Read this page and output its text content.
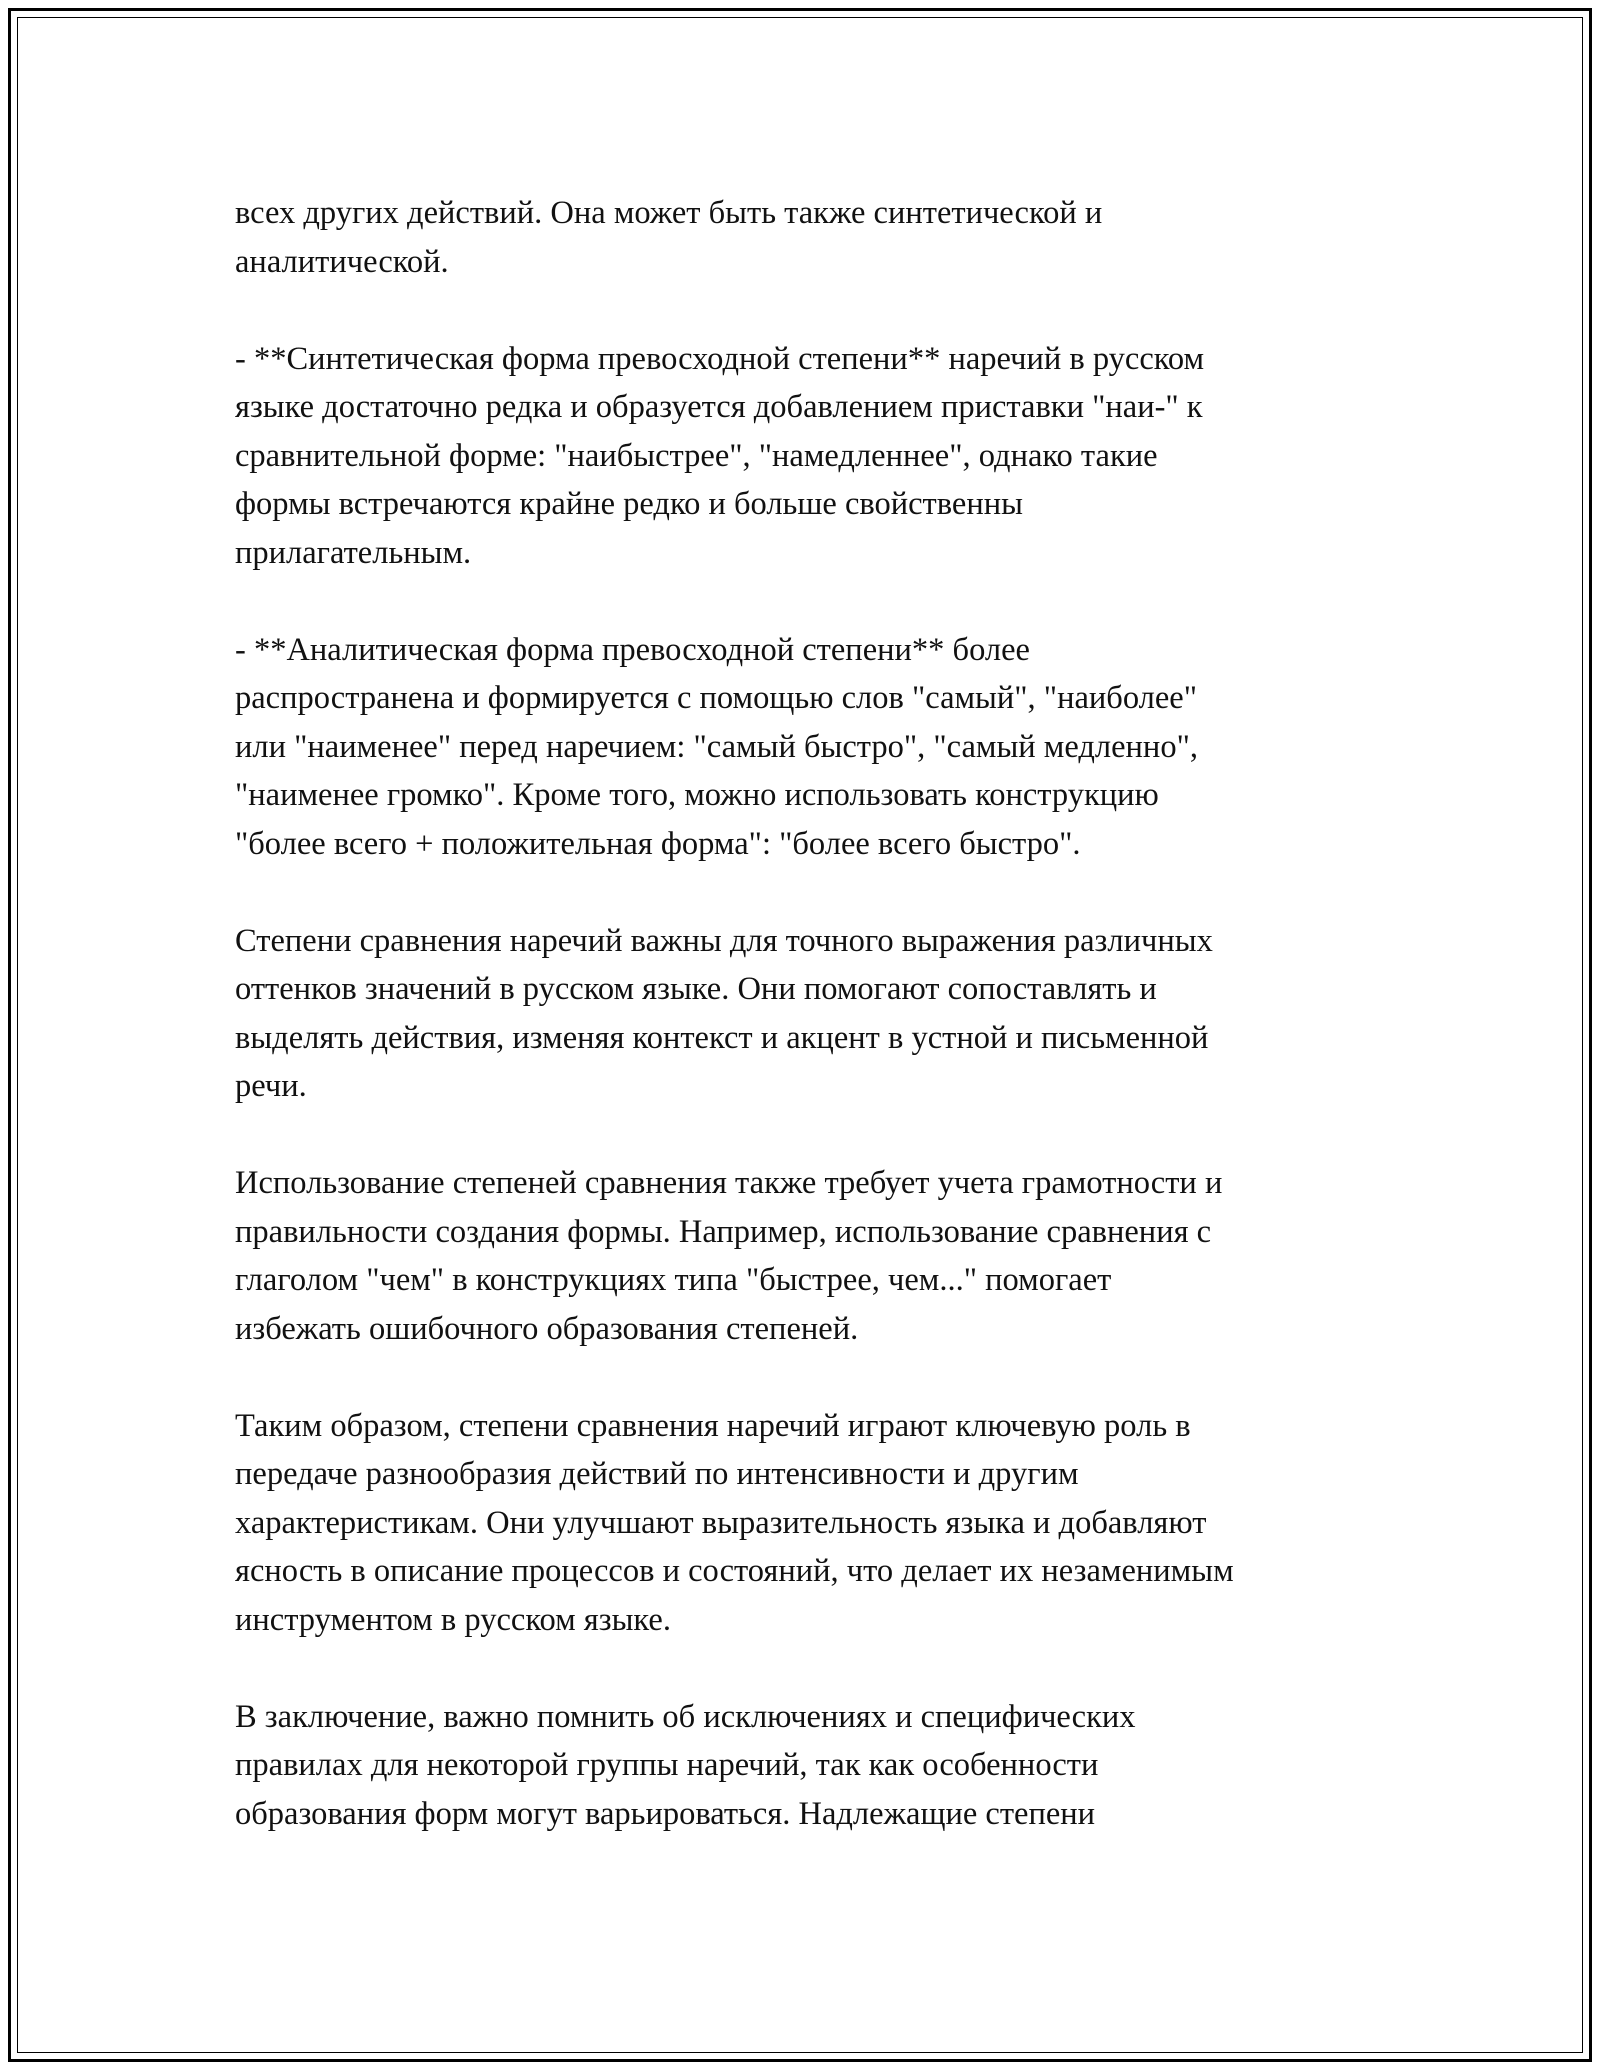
всех других действий. Она может быть также синтетической и
аналитической.

- **Синтетическая форма превосходной степени** наречий в русском
языке достаточно редка и образуется добавлением приставки "наи-" к
сравнительной форме: "наибыстрее", "намедленнее", однако такие
формы встречаются крайне редко и больше свойственны
прилагательным.

- **Аналитическая форма превосходной степени** более
распространена и формируется с помощью слов "самый", "наиболее"
или "наименее" перед наречием: "самый быстро", "самый медленно",
"наименее громко". Кроме того, можно использовать конструкцию
"более всего + положительная форма": "более всего быстро".

Степени сравнения наречий важны для точного выражения различных
оттенков значений в русском языке. Они помогают сопоставлять и
выделять действия, изменяя контекст и акцент в устной и письменной
речи.

Использование степеней сравнения также требует учета грамотности и
правильности создания формы. Например, использование сравнения с
глаголом "чем" в конструкциях типа "быстрее, чем..." помогает
избежать ошибочного образования степеней.

Таким образом, степени сравнения наречий играют ключевую роль в
передаче разнообразия действий по интенсивности и другим
характеристикам. Они улучшают выразительность языка и добавляют
ясность в описание процессов и состояний, что делает их незаменимым
инструментом в русском языке.

В заключение, важно помнить об исключениях и специфических
правилах для некоторой группы наречий, так как особенности
образования форм могут варьироваться. Надлежащие степени
